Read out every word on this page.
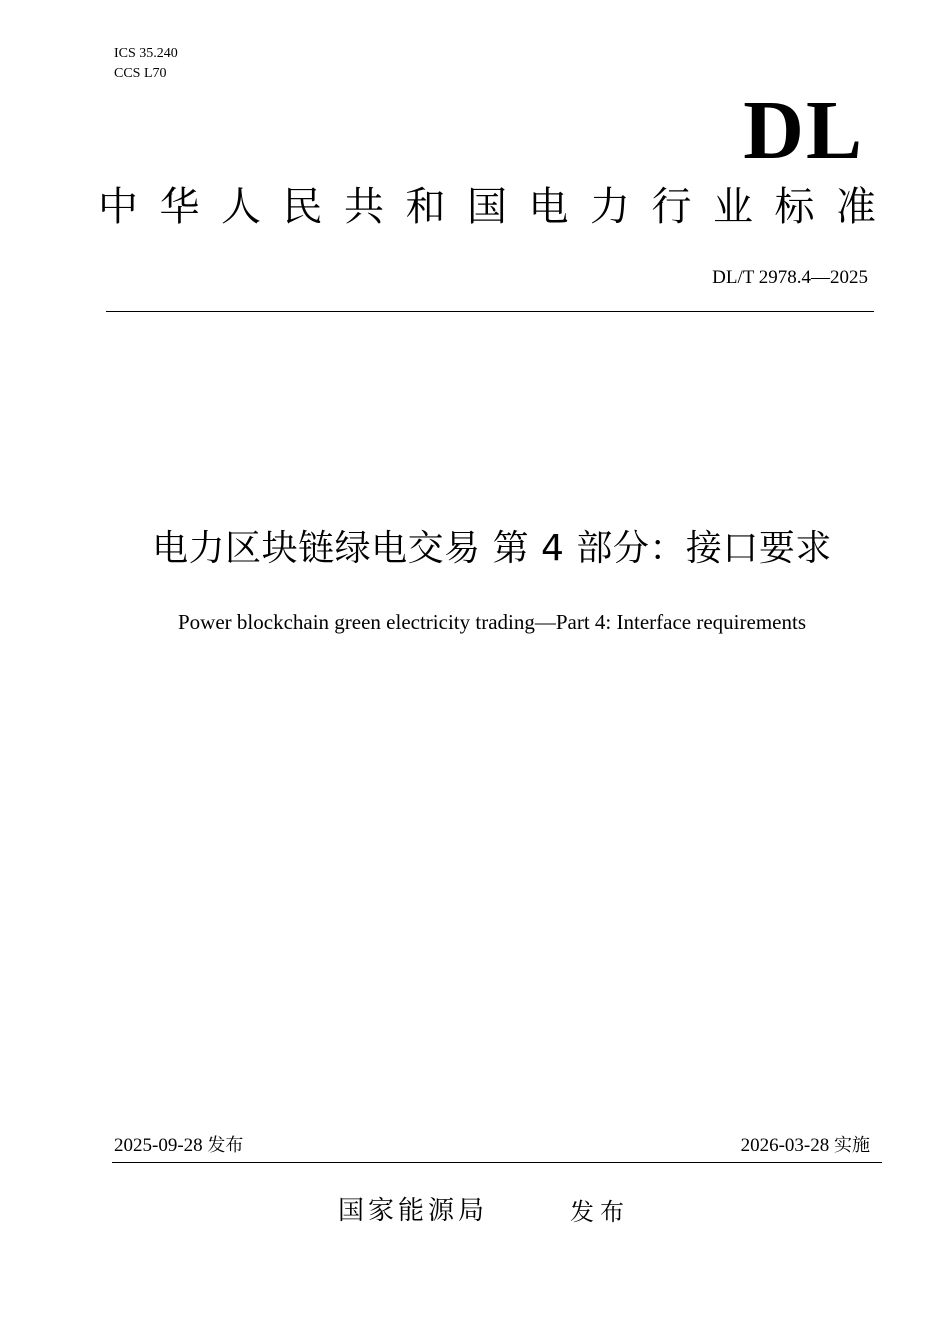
ICS 35.240
CCS L70
DL
中华人民共和国电力行业标准
DL/T 2978.4—2025
电力区块链绿电交易 第 4 部分：接口要求
Power blockchain green electricity trading—Part 4: Interface requirements
2025-09-28 发布	2026-03-28 实施
国家能源局	发布
